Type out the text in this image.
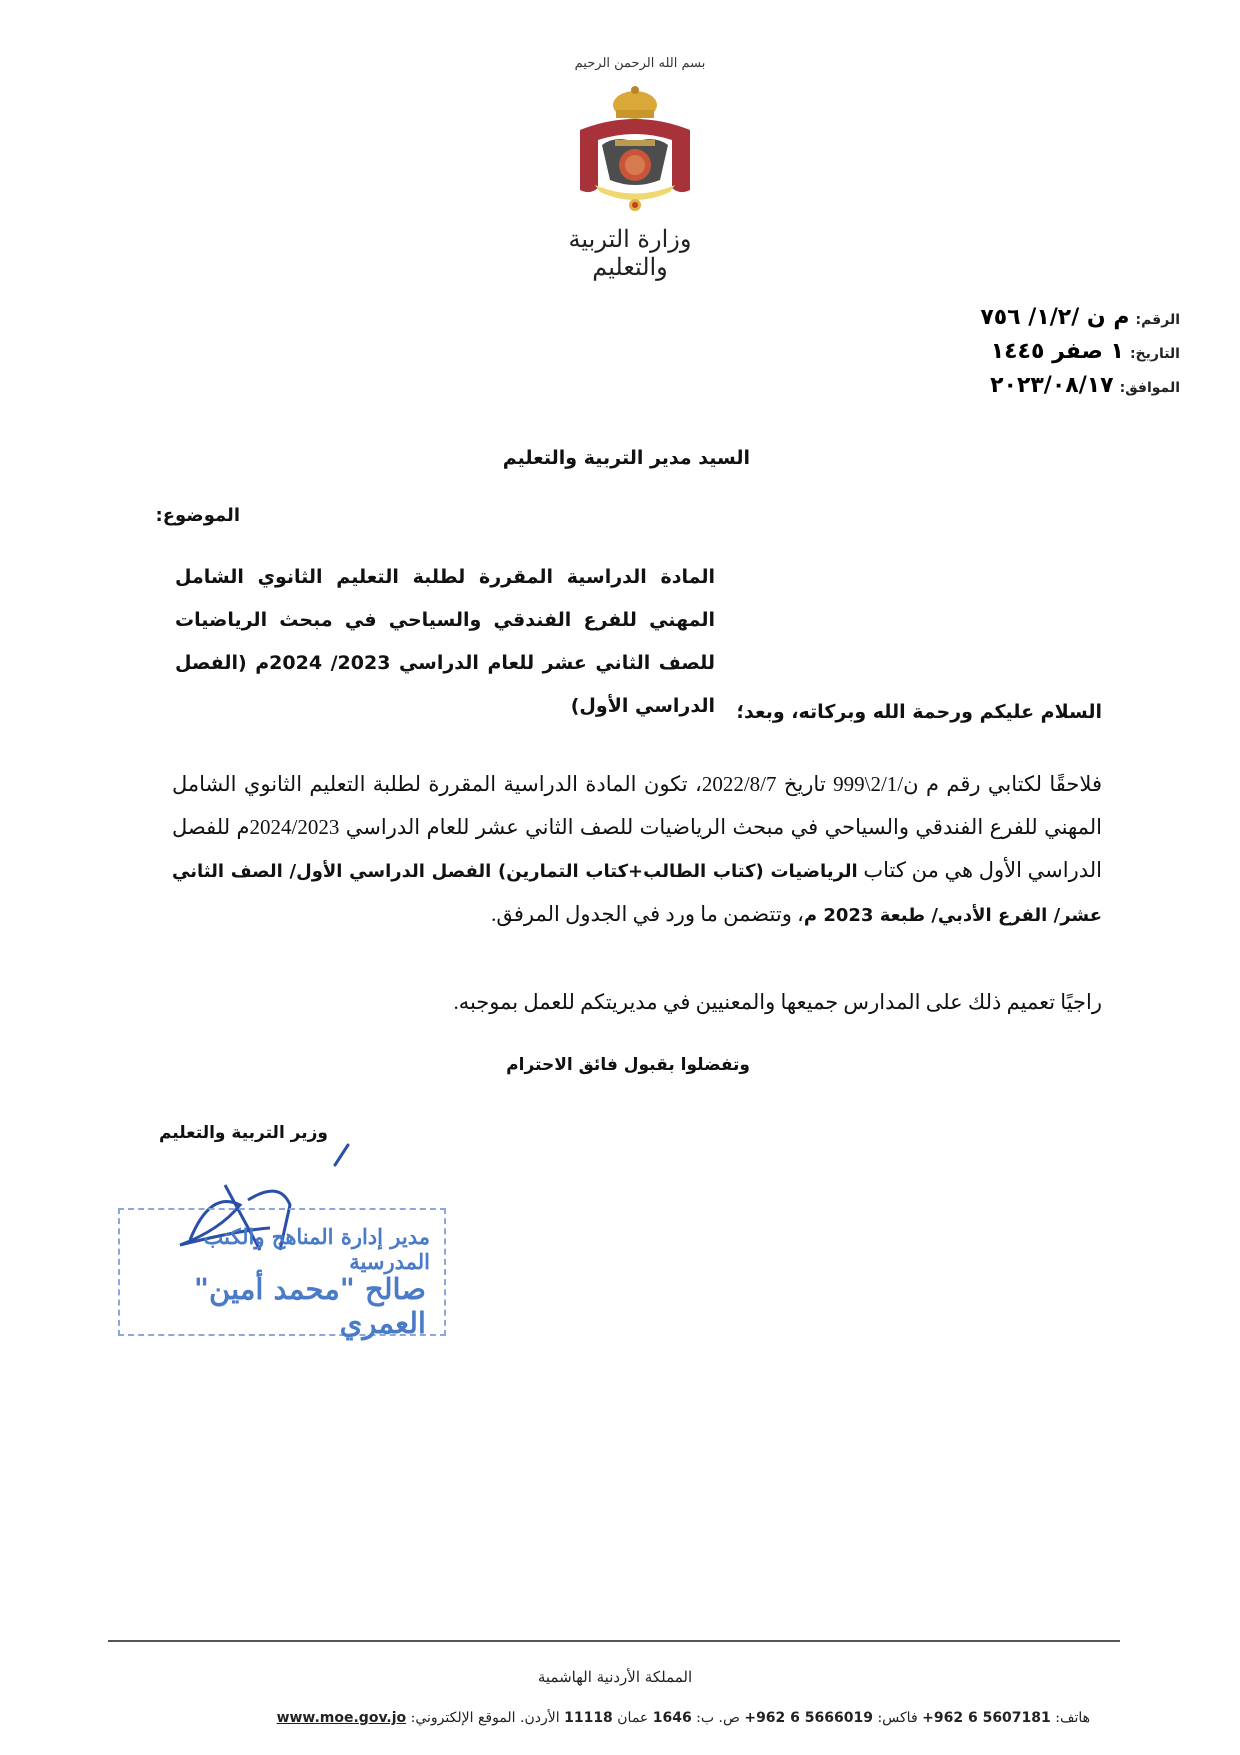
بسم الله الرحمن الرحيم
وزارة التربية والتعليم
الرقم:
م ن /١/٢/ ٧٥٦
التاريخ:
١ صفر ١٤٤٥
الموافق:
٢٠٢٣/٠٨/١٧
السيد مدير التربية والتعليم
الموضوع:
المادة الدراسية المقررة لطلبة التعليم الثانوي الشامل المهني للفرع الفندقي والسياحي في مبحث الرياضيات للصف الثاني عشر للعام الدراسي 2023/ 2024م (الفصل الدراسي الأول) السلام عليكم ورحمة الله وبركاته، وبعد؛
فلاحقًا لكتابي رقم م ن/2/1\999 تاريخ 2022/8/7، تكون المادة الدراسية المقررة لطلبة التعليم الثانوي الشامل المهني للفرع الفندقي والسياحي في مبحث الرياضيات للصف الثاني عشر للعام الدراسي 2024/2023م للفصل الدراسي الأول هي من كتاب الرياضيات (كتاب الطالب+كتاب التمارين) الفصل الدراسي الأول/ الصف الثاني عشر/ الفرع الأدبي/ طبعة 2023 م، وتتضمن ما ورد في الجدول المرفق.
راجيًا تعميم ذلك على المدارس جميعها والمعنيين في مديريتكم للعمل بموجبه.
وتفضلوا بقبول فائق الاحترام
وزير التربية والتعليم
مدير إدارة المناهج والكتب المدرسية
صالح "محمد أمين" العمري
المملكة الأردنية الهاشمية
هاتف: 5607181 6 962+ فاكس: 5666019 6 962+ ص. ب: 1646 عمان 11118 الأردن. الموقع الإلكتروني: www.moe.gov.jo
